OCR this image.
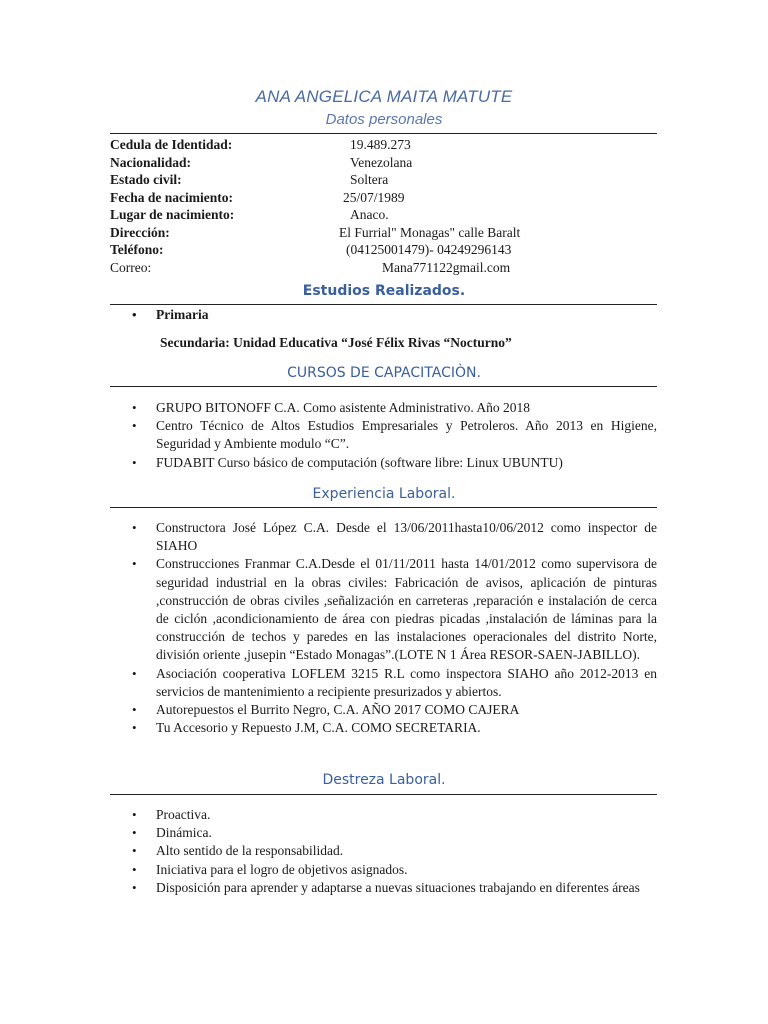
ANA ANGELICA MAITA MATUTE
Datos personales
Cedula de Identidad:	19.489.273
Nacionalidad:	Venezolana
Estado civil:	Soltera
Fecha de nacimiento:	25/07/1989
Lugar de nacimiento:	Anaco.
Dirección:	El Furrial" Monagas" calle Baralt
Teléfono:	(04125001479)- 04249296143
Correo:	Mana771122gmail.com
Estudios Realizados.
• Primaria
Secundaria: Unidad Educativa “José Félix Rivas “Nocturno”
CURSOS DE CAPACITACIÒN.
• GRUPO BITONOFF C.A. Como asistente Administrativo. Año 2018
• Centro Técnico de Altos Estudios Empresariales y Petroleros. Año 2013 en Higiene, Seguridad y Ambiente modulo “C”.
• FUDABIT Curso básico de computación (software libre: Linux UBUNTU)
Experiencia Laboral.
• Constructora José López C.A. Desde el 13/06/2011hasta10/06/2012 como inspector de SIAHO
• Construcciones Franmar C.A.Desde el 01/11/2011 hasta 14/01/2012 como supervisora de seguridad industrial en la obras civiles: Fabricación de avisos, aplicación de pinturas ,construcción de obras civiles ,señalización en carreteras ,reparación e instalación de cerca de ciclón ,acondicionamiento de área con piedras picadas ,instalación de láminas para la construcción de techos y paredes en las instalaciones operacionales del distrito Norte, división oriente ,jusepin “Estado Monagas”.(LOTE N 1 Área RESOR-SAEN-JABILLO).
• Asociación cooperativa LOFLEM 3215 R.L como inspectora SIAHO año 2012-2013 en servicios de mantenimiento a recipiente presurizados y abiertos.
• Autorepuestos el Burrito Negro, C.A. AÑO 2017 COMO CAJERA
• Tu Accesorio y Repuesto J.M, C.A. COMO SECRETARIA.
Destreza Laboral.
• Proactiva.
• Dinámica.
• Alto sentido de la responsabilidad.
• Iniciativa para el logro de objetivos asignados.
• Disposición para aprender y adaptarse a nuevas situaciones trabajando en diferentes áreas
